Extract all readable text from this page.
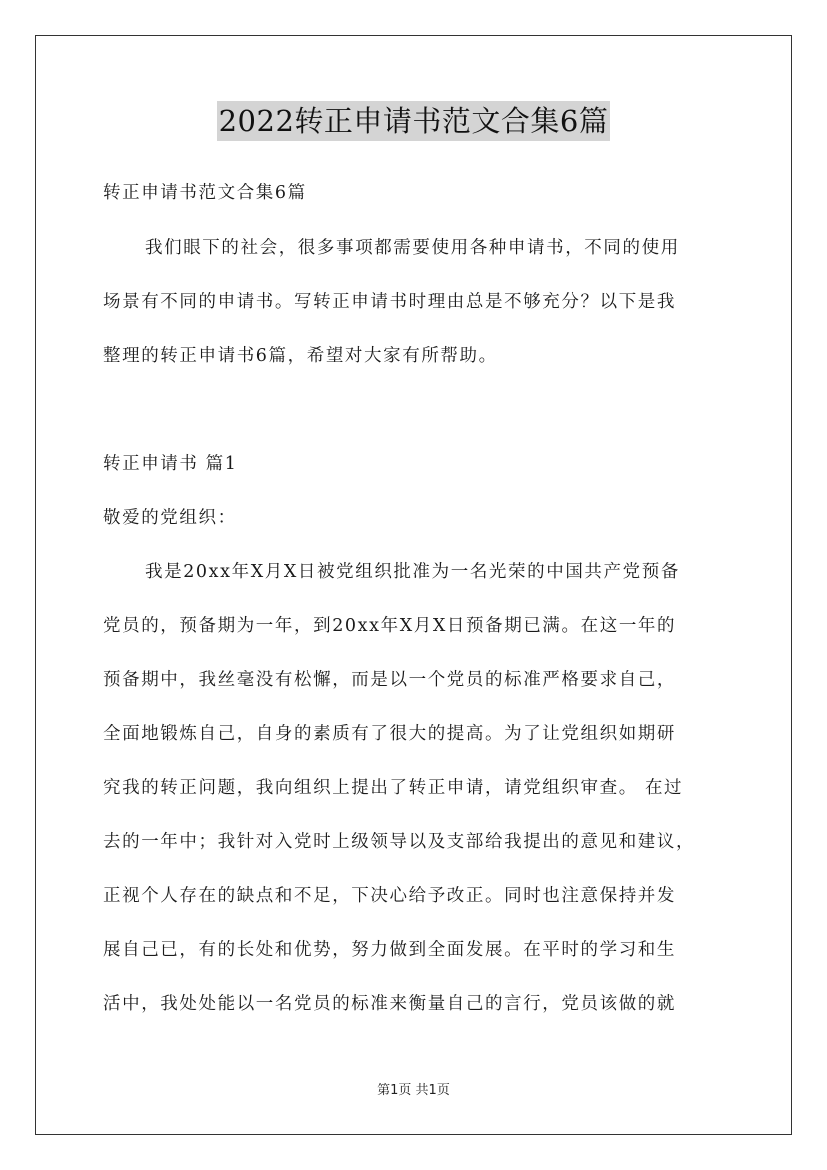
2022转正申请书范文合集6篇
转正申请书范文合集6篇
我们眼下的社会，很多事项都需要使用各种申请书，不同的使用
场景有不同的申请书。写转正申请书时理由总是不够充分？以下是我
整理的转正申请书6篇，希望对大家有所帮助。
转正申请书 篇1
敬爱的党组织：
我是20xx年X月X日被党组织批准为一名光荣的中国共产党预备
党员的，预备期为一年，到20xx年X月X日预备期已满。在这一年的
预备期中，我丝毫没有松懈，而是以一个党员的标准严格要求自己，
全面地锻炼自己，自身的素质有了很大的提高。为了让党组织如期研
究我的转正问题，我向组织上提出了转正申请，请党组织审查。 在过
去的一年中；我针对入党时上级领导以及支部给我提出的意见和建议，
正视个人存在的缺点和不足，下决心给予改正。同时也注意保持并发
展自己已，有的长处和优势，努力做到全面发展。在平时的学习和生
活中，我处处能以一名党员的标准来衡量自己的言行，党员该做的就
第1页 共1页
